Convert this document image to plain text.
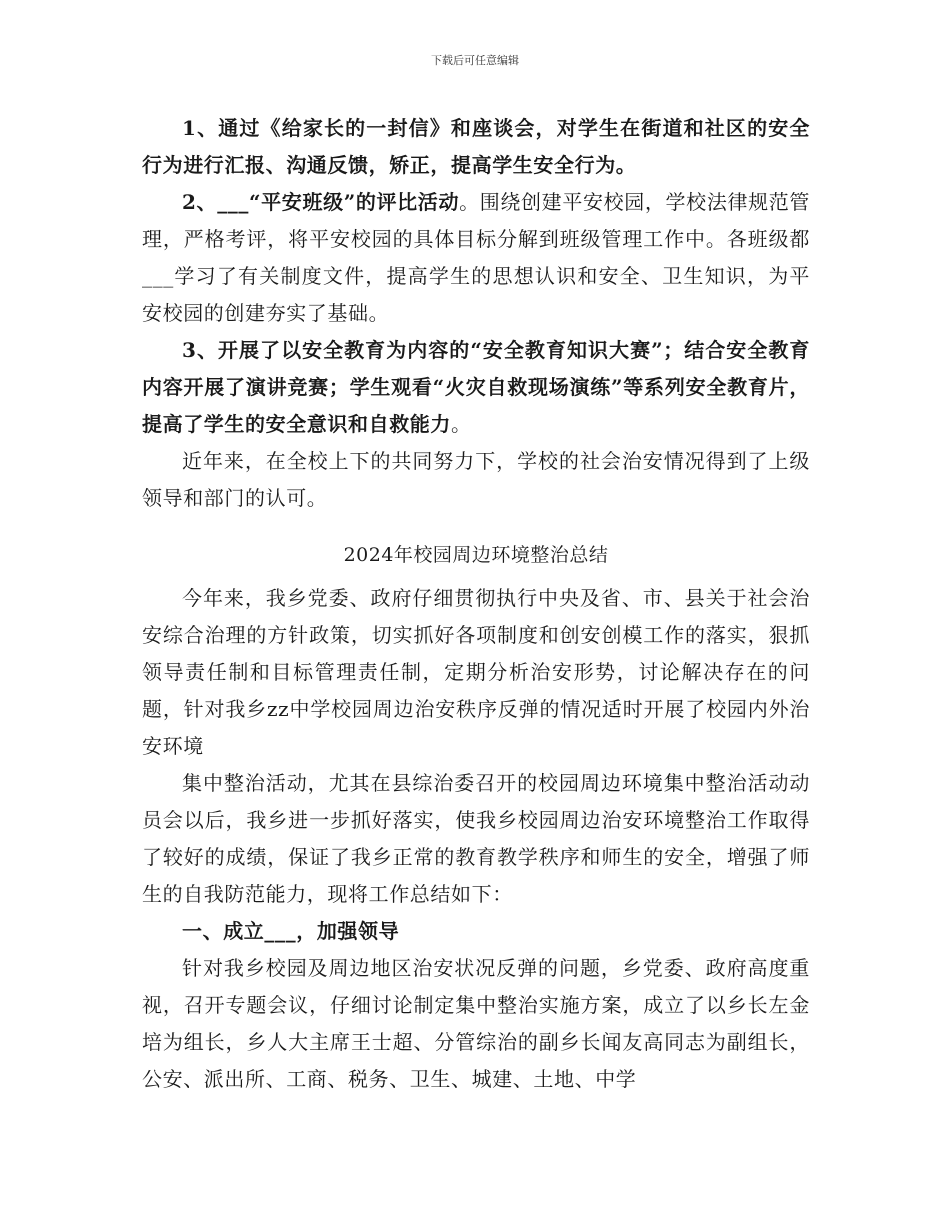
下载后可任意编辑

1、通过《给家长的一封信》和座谈会，对学生在街道和社区的安全行为进行汇报、沟通反馈，矫正，提高学生安全行为。

2、___“平安班级”的评比活动。围绕创建平安校园，学校法律规范管理，严格考评，将平安校园的具体目标分解到班级管理工作中。各班级都___学习了有关制度文件，提高学生的思想认识和安全、卫生知识，为平安校园的创建夯实了基础。

3、开展了以安全教育为内容的“安全教育知识大赛”；结合安全教育内容开展了演讲竞赛；学生观看“火灾自救现场演练”等系列安全教育片，提高了学生的安全意识和自救能力。

近年来，在全校上下的共同努力下，学校的社会治安情况得到了上级领导和部门的认可。

2024年校园周边环境整治总结

今年来，我乡党委、政府仔细贯彻执行中央及省、市、县关于社会治安综合治理的方针政策，切实抓好各项制度和创安创模工作的落实，狠抓领导责任制和目标管理责任制，定期分析治安形势，讨论解决存在的问题，针对我乡zz中学校园周边治安秩序反弹的情况适时开展了校园内外治安环境

集中整治活动，尤其在县综治委召开的校园周边环境集中整治活动动员会以后，我乡进一步抓好落实，使我乡校园周边治安环境整治工作取得了较好的成绩，保证了我乡正常的教育教学秩序和师生的安全，增强了师生的自我防范能力，现将工作总结如下：

一、成立___，加强领导

针对我乡校园及周边地区治安状况反弹的问题，乡党委、政府高度重视，召开专题会议，仔细讨论制定集中整治实施方案，成立了以乡长左金培为组长，乡人大主席王士超、分管综治的副乡长闻友高同志为副组长，公安、派出所、工商、税务、卫生、城建、土地、中学
